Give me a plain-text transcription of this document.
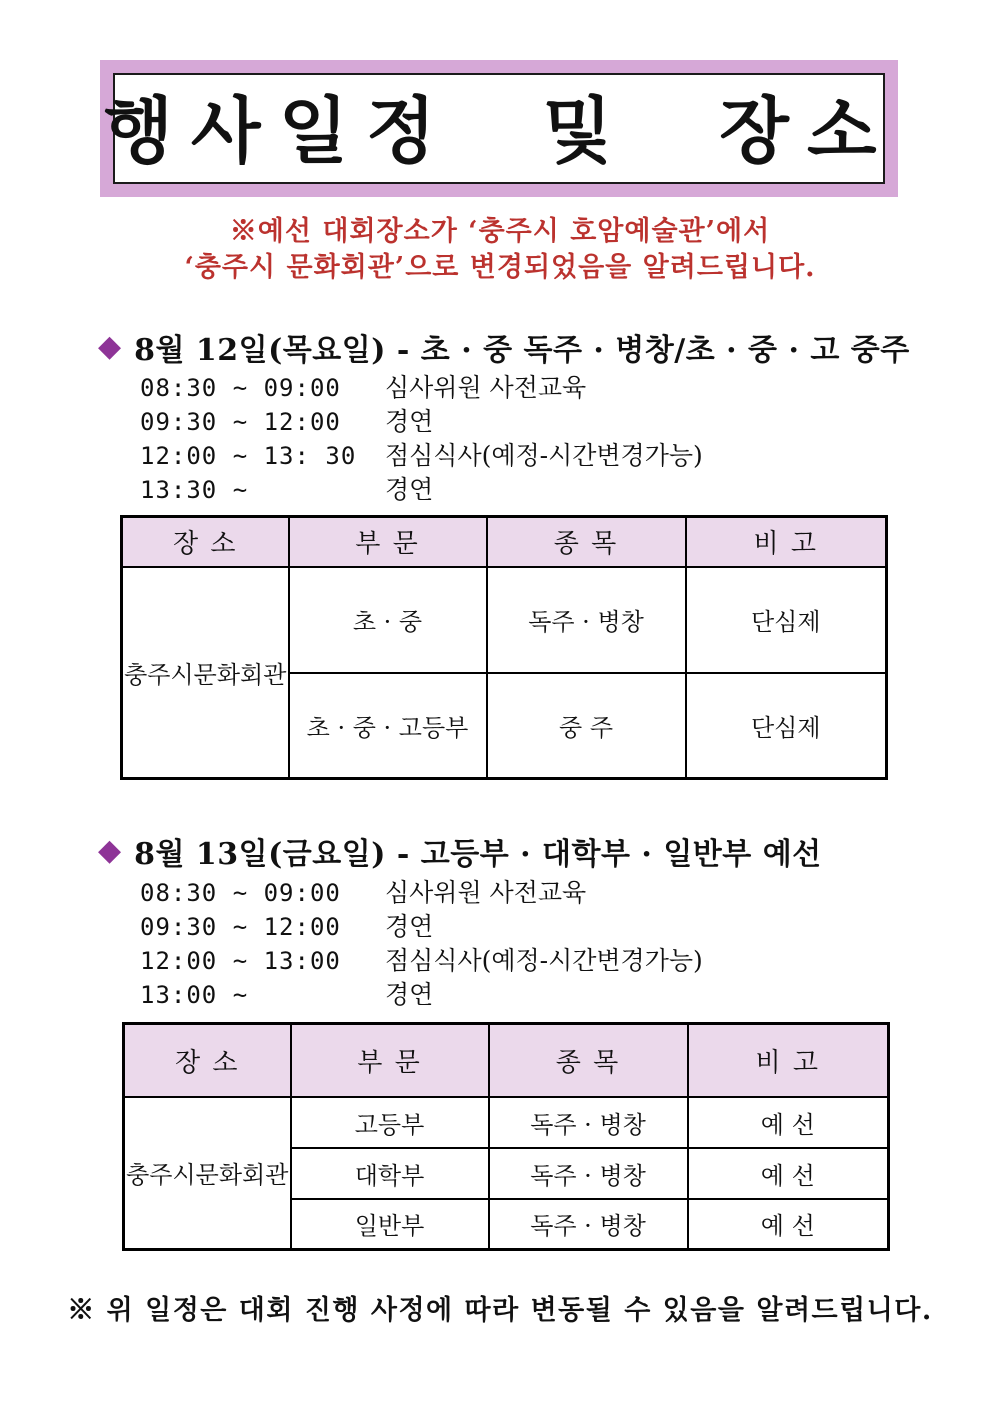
행사일정 및 장소
※예선 대회장소가 ‘충주시 호암예술관’에서
‘충주시 문화회관’으로 변경되었음을 알려드립니다.
◆ 8월 12일(목요일) - 초 · 중 독주 · 병창/초 · 중 · 고 중주
08:30 ~ 09:00	심사위원 사전교육
09:30 ~ 12:00	경연
12:00 ~ 13: 30	점심식사(예정-시간변경가능)
13:30 ~	경연
장 소	부 문	종 목	비 고
충주시문화회관	초 · 중	독주 · 병창	단심제
	초 · 중 · 고등부	중 주	단심제
◆ 8월 13일(금요일) - 고등부 · 대학부 · 일반부 예선
08:30 ~ 09:00	심사위원 사전교육
09:30 ~ 12:00	경연
12:00 ~ 13:00	점심식사(예정-시간변경가능)
13:00 ~	경연
장 소	부 문	종 목	비 고
충주시문화회관	고등부	독주 · 병창	예 선
	대학부	독주 · 병창	예 선
	일반부	독주 · 병창	예 선
※ 위 일정은 대회 진행 사정에 따라 변동될 수 있음을 알려드립니다.
